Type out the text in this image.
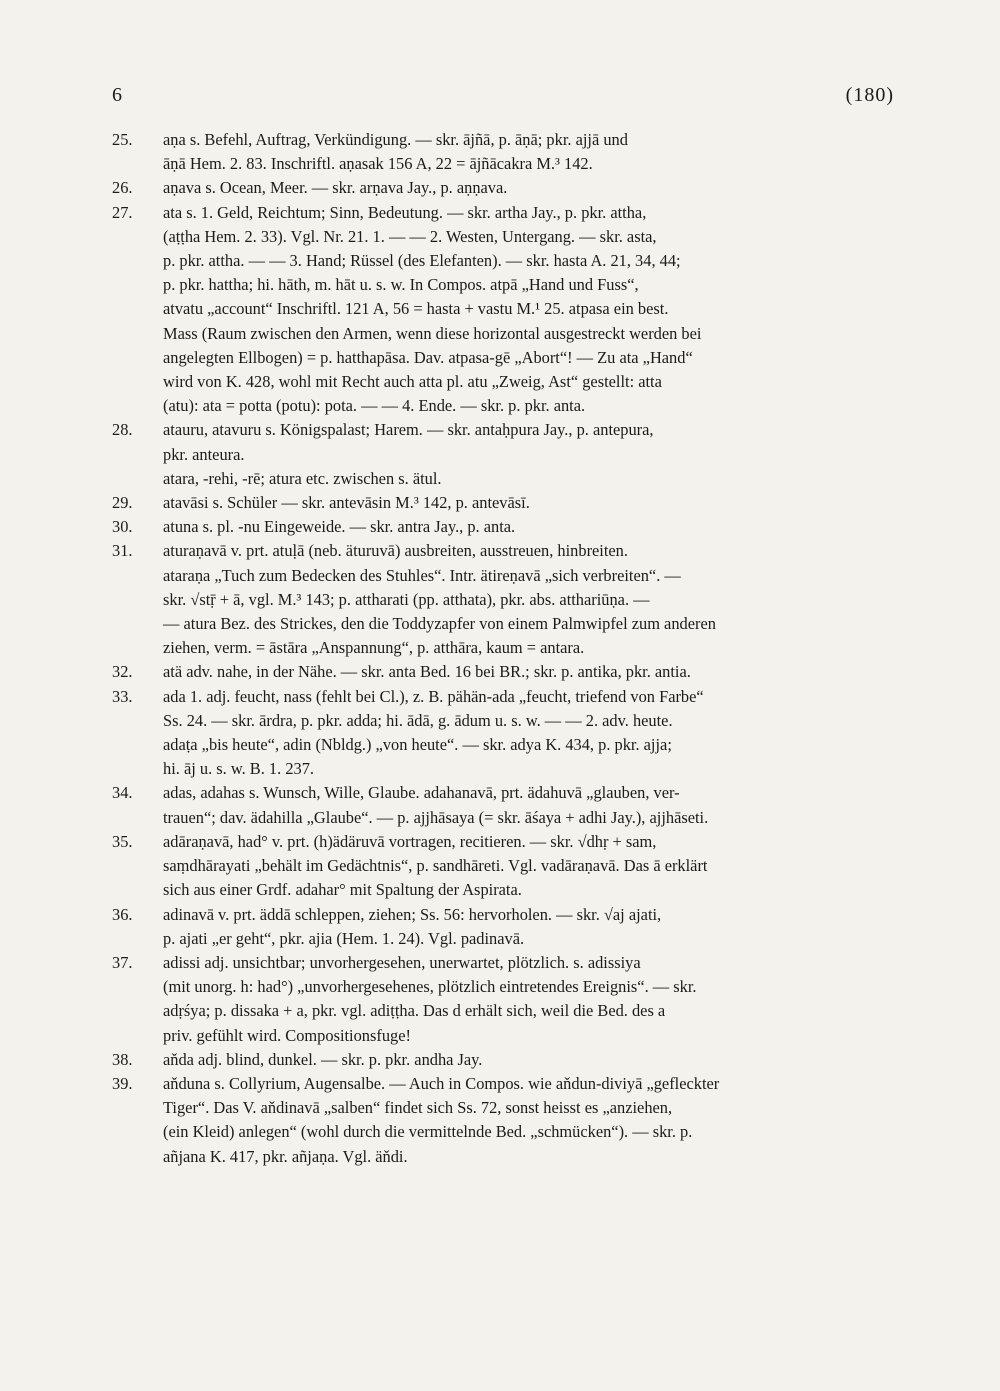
6	(180)
25. aṇa s. Befehl, Auftrag, Verkündigung. — skr. ājñā, p. āṇā; pkr. ajjā und
āṇā Hem. 2. 83. Inschriftl. aṇasak 156 A, 22 = ājñācakra M.³ 142.
26. aṇava s. Ocean, Meer. — skr. arṇava Jay., p. aṇṇava.
27. ata s. 1. Geld, Reichtum; Sinn, Bedeutung. — skr. artha Jay., p. pkr. attha,
(aṭṭha Hem. 2. 33). Vgl. Nr. 21. 1. — — 2. Westen, Untergang. — skr. asta,
p. pkr. attha. — — 3. Hand; Rüssel (des Elefanten). — skr. hasta A. 21, 34, 44;
p. pkr. hattha; hi. hāth, m. hāt u. s. w. In Compos. atpā „Hand und Fuss“,
atvatu „account“ Inschriftl. 121 A, 56 = hasta + vastu M.¹ 25. atpasa ein best.
Mass (Raum zwischen den Armen, wenn diese horizontal ausgestreckt werden bei
angelegten Ellbogen) = p. hatthapāsa. Dav. atpasa-gē „Abort“! — Zu ata „Hand“
wird von K. 428, wohl mit Recht auch atta pl. atu „Zweig, Ast“ gestellt: atta
(atu): ata = potta (potu): pota. — — 4. Ende. — skr. p. pkr. anta.
28. atauru, atavuru s. Königspalast; Harem. — skr. antaḥpura Jay., p. antepura,
pkr. anteura.
atara, -rehi, -rē; atura etc. zwischen s. ätul.
29. atavāsi s. Schüler — skr. antevāsin M.³ 142, p. antevāsī.
30. atuna s. pl. -nu Eingeweide. — skr. antra Jay., p. anta.
31. aturaṇavā v. prt. atuḷā (neb. äturuvā) ausbreiten, ausstreuen, hinbreiten.
ataraṇa „Tuch zum Bedecken des Stuhles“. Intr. ätireṇavā „sich verbreiten“. —
skr. √stṝ + ā, vgl. M.³ 143; p. attharati (pp. atthata), pkr. abs. atthariūṇa. —
— atura Bez. des Strickes, den die Toddyzapfer von einem Palmwipfel zum anderen
ziehen, verm. = āstāra „Anspannung“, p. atthāra, kaum = antara.
32. atä adv. nahe, in der Nähe. — skr. anta Bed. 16 bei BR.; skr. p. antika, pkr. antia.
33. ada 1. adj. feucht, nass (fehlt bei Cl.), z. B. pähän-ada „feucht, triefend von Farbe“
Ss. 24. — skr. ārdra, p. pkr. adda; hi. ādā, g. ādum u. s. w. — — 2. adv. heute.
adaṭa „bis heute“, adin (Nbldg.) „von heute“. — skr. adya K. 434, p. pkr. ajja;
hi. āj u. s. w. B. 1. 237.
34. adas, adahas s. Wunsch, Wille, Glaube. adahanavā, prt. ädahuvā „glauben, ver-
trauen“; dav. ädahilla „Glaube“. — p. ajjhāsaya (= skr. āśaya + adhi Jay.), ajjhāseti.
35. adāraṇavā, had° v. prt. (h)ädäruvā vortragen, recitieren. — skr. √dhṛ + sam,
saṃdhārayati „behält im Gedächtnis“, p. sandhāreti. Vgl. vadāraṇavā. Das ā erklärt
sich aus einer Grdf. adahar° mit Spaltung der Aspirata.
36. adinavā v. prt. äddā schleppen, ziehen; Ss. 56: hervorholen. — skr. √aj ajati,
p. ajati „er geht“, pkr. ajia (Hem. 1. 24). Vgl. padinavā.
37. adissi adj. unsichtbar; unvorhergesehen, unerwartet, plötzlich. s. adissiya
(mit unorg. h: had°) „unvorhergesehenes, plötzlich eintretendes Ereignis“. — skr.
adṛśya; p. dissaka + a, pkr. vgl. adiṭṭha. Das d erhält sich, weil die Bed. des a
priv. gefühlt wird. Compositionsfuge!
38. aňda adj. blind, dunkel. — skr. p. pkr. andha Jay.
39. aňduna s. Collyrium, Augensalbe. — Auch in Compos. wie aňdun-diviyā „gefleckter
Tiger“. Das V. aňdinavā „salben“ findet sich Ss. 72, sonst heisst es „anziehen,
(ein Kleid) anlegen“ (wohl durch die vermittelnde Bed. „schmücken“). — skr. p.
añjana K. 417, pkr. añjaṇa. Vgl. äňdi.
